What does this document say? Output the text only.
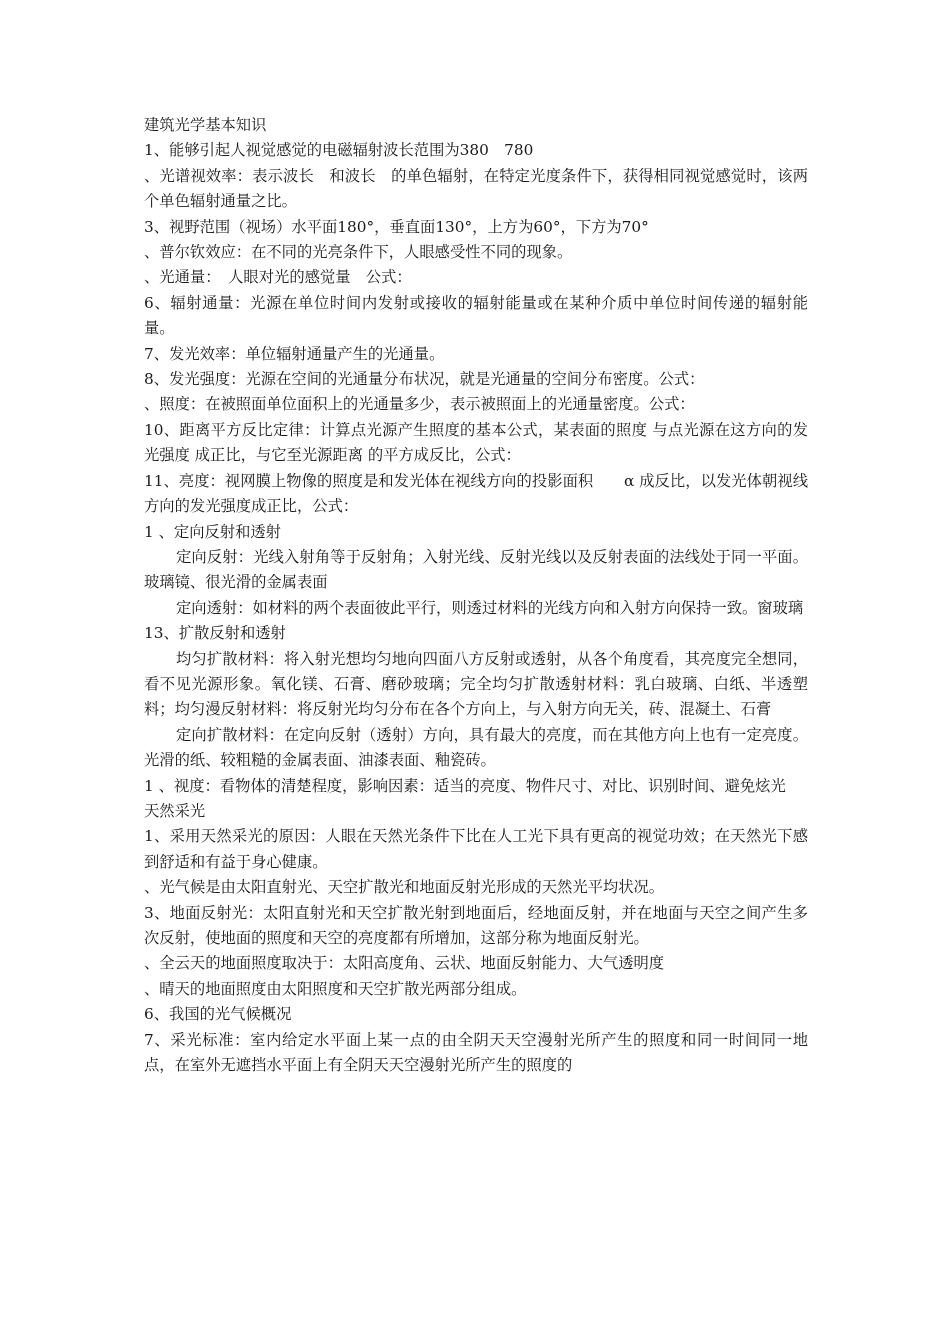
建筑光学基本知识

1、能够引起人视觉感觉的电磁辐射波长范围为380　780

、光谱视效率：表示波长　和波长　的单色辐射，在特定光度条件下，获得相同视觉感觉时，该两个单色辐射通量之比。

3、视野范围（视场）水平面180°，垂直面130°，上方为60°，下方为70°

、普尔钦效应：在不同的光亮条件下，人眼感受性不同的现象。

、光通量：　人眼对光的感觉量　公式：

6、辐射通量：光源在单位时间内发射或接收的辐射能量或在某种介质中单位时间传递的辐射能量。

7、发光效率：单位辐射通量产生的光通量。

8、发光强度：光源在空间的光通量分布状况，就是光通量的空间分布密度。公式：

、照度：在被照面单位面积上的光通量多少，表示被照面上的光通量密度。公式：

10、距离平方反比定律：计算点光源产生照度的基本公式，某表面的照度 与点光源在这方向的发光强度 成正比，与它至光源距离 的平方成反比，公式：

11、亮度：视网膜上物像的照度是和发光体在视线方向的投影面积　　α 成反比，以发光体朝视线方向的发光强度成正比，公式：

1 、定向反射和透射

定向反射：光线入射角等于反射角；入射光线、反射光线以及反射表面的法线处于同一平面。玻璃镜、很光滑的金属表面

定向透射：如材料的两个表面彼此平行，则透过材料的光线方向和入射方向保持一致。窗玻璃

13、扩散反射和透射

均匀扩散材料：将入射光想均匀地向四面八方反射或透射，从各个角度看，其亮度完全想同，看不见光源形象。氧化镁、石膏、磨砂玻璃；完全均匀扩散透射材料：乳白玻璃、白纸、半透塑料；均匀漫反射材料：将反射光均匀分布在各个方向上，与入射方向无关，砖、混凝土、石膏

定向扩散材料：在定向反射（透射）方向，具有最大的亮度，而在其他方向上也有一定亮度。光滑的纸、较粗糙的金属表面、油漆表面、釉瓷砖。

1 、视度：看物体的清楚程度，影响因素：适当的亮度、物件尺寸、对比、识别时间、避免炫光

天然采光

1、采用天然采光的原因：人眼在天然光条件下比在人工光下具有更高的视觉功效；在天然光下感到舒适和有益于身心健康。

、光气候是由太阳直射光、天空扩散光和地面反射光形成的天然光平均状况。

3、地面反射光：太阳直射光和天空扩散光射到地面后，经地面反射，并在地面与天空之间产生多次反射，使地面的照度和天空的亮度都有所增加，这部分称为地面反射光。

、全云天的地面照度取决于：太阳高度角、云状、地面反射能力、大气透明度

、晴天的地面照度由太阳照度和天空扩散光两部分组成。

6、我国的光气候概况

7、采光标准：室内给定水平面上某一点的由全阴天天空漫射光所产生的照度和同一时间同一地点，在室外无遮挡水平面上有全阴天天空漫射光所产生的照度的
